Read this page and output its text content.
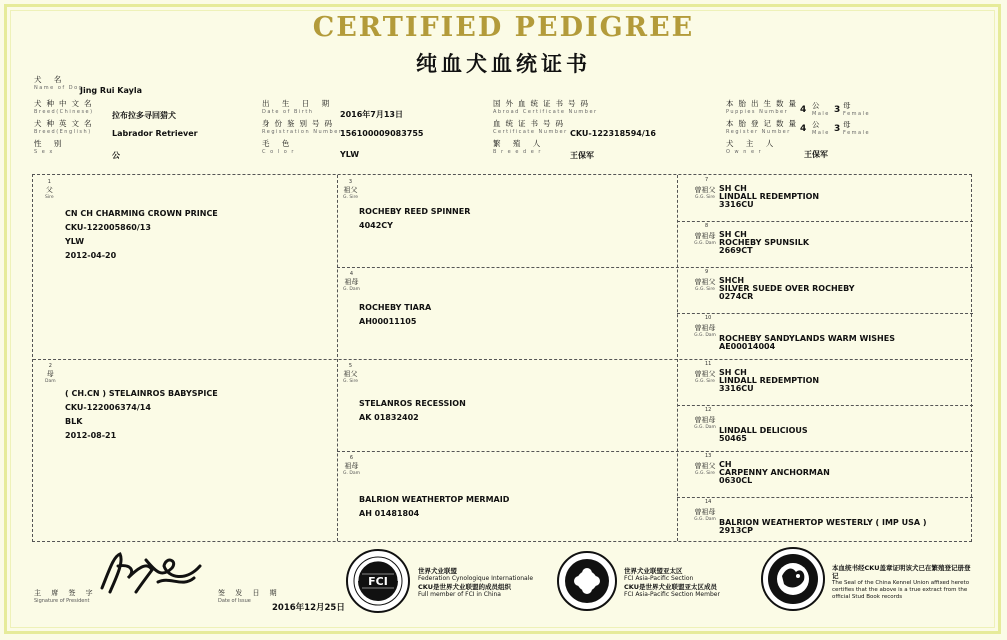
CERTIFIED PEDIGREE
纯血犬血统证书
犬 名
Name of Dog
Jing Rui Kayla
犬种中文名
Breed(Chinese)	拉布拉多寻回猎犬
犬种英文名
Breed(English)	Labrador Retriever
性 别
S e x	公
出 生 日 期
Date of Birth	2016年7月13日
身份鉴别号码
Registration Number
156100009083755
毛 色
C o l o r	YLW
国外血统证书号码
Abroad Certificate Number
血统证书号码
Certificate Number CKU-122318594/16
繁 殖 人
B r e e d e r	王保军
本胎出生数量
Puppies Number	4 公
Male 3 母
Female
本胎登记数量
Register Number	4 公
Male 3 母
Female
犬 主 人
O w n e r	王保军
1
父
Sire
CN CH CHARMING CROWN PRINCE
CKU-122005860/13
YLW
2012-04-20
2
母
Dam
( CH.CN ) STELAINROS BABYSPICE
CKU-122006374/14
BLK
2012-08-21
3
祖父
G. Sire
ROCHEBY REED SPINNER
4042CY
4
祖母
G. Dam
ROCHEBY TIARA
AH00011105
5
祖父
G. Sire
STELANROS RECESSION
AK 01832402
6
祖母
G. Dam
BALRION WEATHERTOP MERMAID
AH 01481804
7
曾祖父
G.G. Sire
SH CH
LINDALL REDEMPTION
3316CU
8
曾祖母
G.G. Dam
SH CH
ROCHEBY SPUNSILK
2669CT
9
曾祖父
G.G. Sire
SHCH
SILVER SUEDE OVER ROCHEBY
0274CR
10
曾祖母
G.G. Dam ROCHEBY SANDYLANDS WARM WISHES
AE00014004
11
曾祖父
G.G. Sire
SH CH
LINDALL REDEMPTION
3316CU
12
曾祖母
G.G. Dam LINDALL DELICIOUS
50465
13
曾祖父
G.G. Sire
CH
CARPENNY ANCHORMAN
0630CL
14
曾祖母
G.G. Dam BALRION WEATHERTOP WESTERLY ( IMP USA )
2913CP
主 席 签 字
Signature of President
签 发 日 期
Date of Issue
2016年12月25日
FCI
世界犬业联盟
Federation Cynologique Internationale
CKU是世界犬业联盟的成员组织
Full member of FCI in China
世界犬业联盟亚太区
FCI Asia-Pacific Section
CKU是世界犬业联盟亚太区成员
FCI Asia-Pacific Section Member
本血统书经CKU盖章证明该犬已在繁殖登记册登记
The Seal of the China Kennel Union affixed hereto certifies that the above is a true extract from the official Stud Book records
